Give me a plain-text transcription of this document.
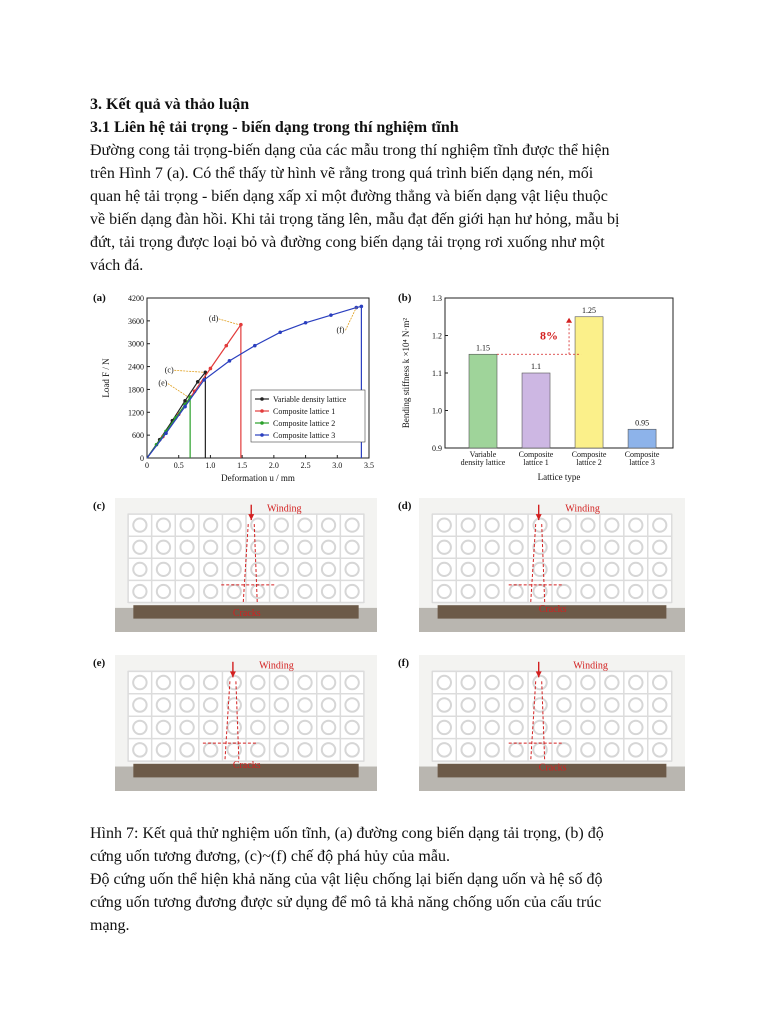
3. Kết quả và thảo luận
3.1 Liên hệ tải trọng - biến dạng trong thí nghiệm tĩnh
Đường cong tải trọng-biến dạng của các mẫu trong thí nghiệm tĩnh được thể hiện
trên Hình 7 (a). Có thể thấy từ hình vẽ rằng trong quá trình biến dạng nén, mối
quan hệ tải trọng - biến dạng xấp xỉ một đường thẳng và biến dạng vật liệu thuộc
về biến dạng đàn hồi. Khi tải trọng tăng lên, mẫu đạt đến giới hạn hư hỏng, mẫu bị
đứt, tải trọng được loại bỏ và đường cong biến dạng tải trọng rơi xuống như một
vách đá.
(a)
0	0.5	1.0	1.5	2.0	2.5	3.0	3.5
0
600
1200
1800
2400
3000
3600
4200
Deformation u / mm
Load F / N	(c)
(d)
(e)
(f)
Variable density lattice
Composite lattice 1
Composite lattice 2
Composite lattice 3
(b)
0.9
1.0
1.1
1.2
1.3
Bending stiffness k ×10⁴ N·m²	1.15
Variable
density lattice
1.1
Composite
lattice 1
1.25
Composite
lattice 2
0.95
Composite
lattice 3
Lattice type
8%
(c)	Winding
Cracks
(d)	Winding
Cracks
(e)	Winding
Cracks
(f)	Winding
Cracks
Hình 7: Kết quả thử nghiệm uốn tĩnh, (a) đường cong biến dạng tải trọng, (b) độ
cứng uốn tương đương, (c)~(f) chế độ phá hủy của mẫu.
Độ cứng uốn thể hiện khả năng của vật liệu chống lại biến dạng uốn và hệ số độ
cứng uốn tương đương được sử dụng để mô tả khả năng chống uốn của cấu trúc
mạng.
